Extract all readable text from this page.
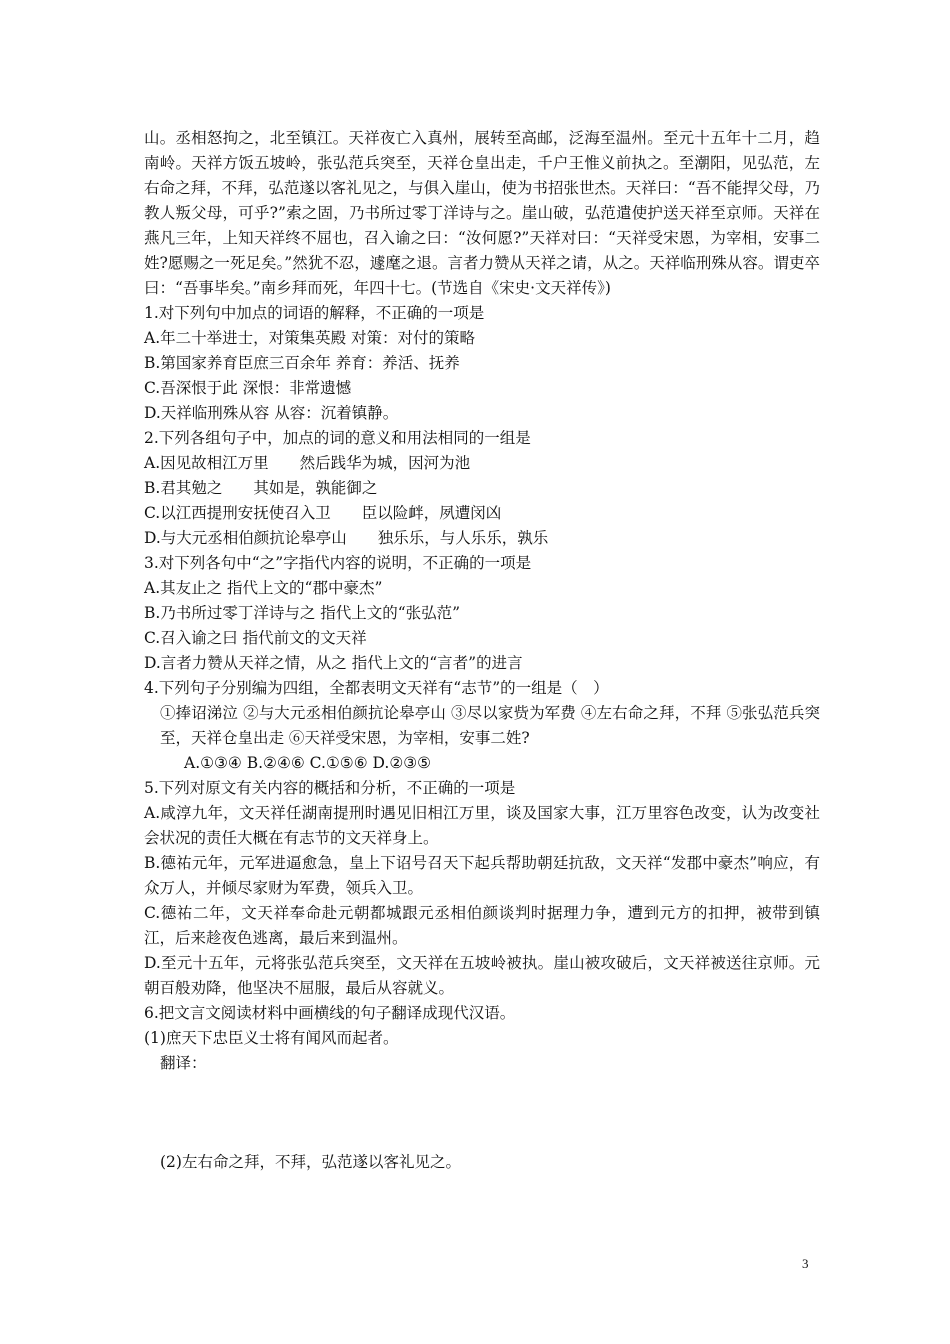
山。丞相怒拘之，北至镇江。天祥夜亡入真州，展转至高邮，泛海至温州。至元十五年十二月，趋南岭。天祥方饭五坡岭，张弘范兵突至，天祥仓皇出走，千户王惟义前执之。至潮阳，见弘范，左右命之拜，不拜，弘范遂以客礼见之，与俱入崖山，使为书招张世杰。天祥曰：“吾不能捍父母，乃教人叛父母，可乎?”索之固，乃书所过零丁洋诗与之。崖山破，弘范遣使护送天祥至京师。天祥在燕凡三年，上知天祥终不屈也，召入谕之曰：“汝何愿?”天祥对曰：“天祥受宋恩，为宰相，安事二姓?愿赐之一死足矣。”然犹不忍，遽麾之退。言者力赞从天祥之请，从之。天祥临刑殊从容。谓吏卒曰：“吾事毕矣。”南乡拜而死，年四十七。(节选自《宋史·文天祥传》)

1.对下列句中加点的词语的解释，不正确的一项是

A.年二十举进士，对策集英殿 对策：对付的策略

B.第国家养育臣庶三百余年 养育：养活、抚养

C.吾深恨于此 深恨：非常遗憾

D.天祥临刑殊从容 从容：沉着镇静。

2.下列各组句子中，加点的词的意义和用法相同的一组是

A.因见故相江万里　　然后践华为城，因河为池

B.君其勉之　　其如是，孰能御之

C.以江西提刑安抚使召入卫　　臣以险衅，夙遭闵凶

D.与大元丞相伯颜抗论皋亭山　　独乐乐，与人乐乐，孰乐

3.对下列各句中“之”字指代内容的说明，不正确的一项是

A.其友止之 指代上文的“郡中豪杰”

B.乃书所过零丁洋诗与之 指代上文的“张弘范”

C.召入谕之曰 指代前文的文天祥

D.言者力赞从天祥之情，从之 指代上文的“言者”的进言

4.下列句子分别编为四组，全都表明文天祥有“志节”的一组是（　）

①捧诏涕泣 ②与大元丞相伯颜抗论皋亭山 ③尽以家赀为军费 ④左右命之拜，不拜 ⑤张弘范兵突至，天祥仓皇出走 ⑥天祥受宋恩，为宰相，安事二姓?

A.①③④ B.②④⑥ C.①⑤⑥ D.②③⑤

5.下列对原文有关内容的概括和分析，不正确的一项是

A.咸淳九年，文天祥任湖南提刑时遇见旧相江万里，谈及国家大事，江万里容色改变，认为改变社会状况的责任大概在有志节的文天祥身上。

B.德祐元年，元军进逼愈急，皇上下诏号召天下起兵帮助朝廷抗敌，文天祥“发郡中豪杰”响应，有众万人，并倾尽家财为军费，领兵入卫。

C.德祐二年，文天祥奉命赴元朝都城跟元丞相伯颜谈判时据理力争，遭到元方的扣押，被带到镇江，后来趁夜色逃离，最后来到温州。

D.至元十五年，元将张弘范兵突至，文天祥在五坡岭被执。崖山被攻破后，文天祥被送往京师。元朝百般劝降，他坚决不屈服，最后从容就义。

6.把文言文阅读材料中画横线的句子翻译成现代汉语。

(1)庶天下忠臣义士将有闻风而起者。

翻译：

(2)左右命之拜，不拜，弘范遂以客礼见之。

3
